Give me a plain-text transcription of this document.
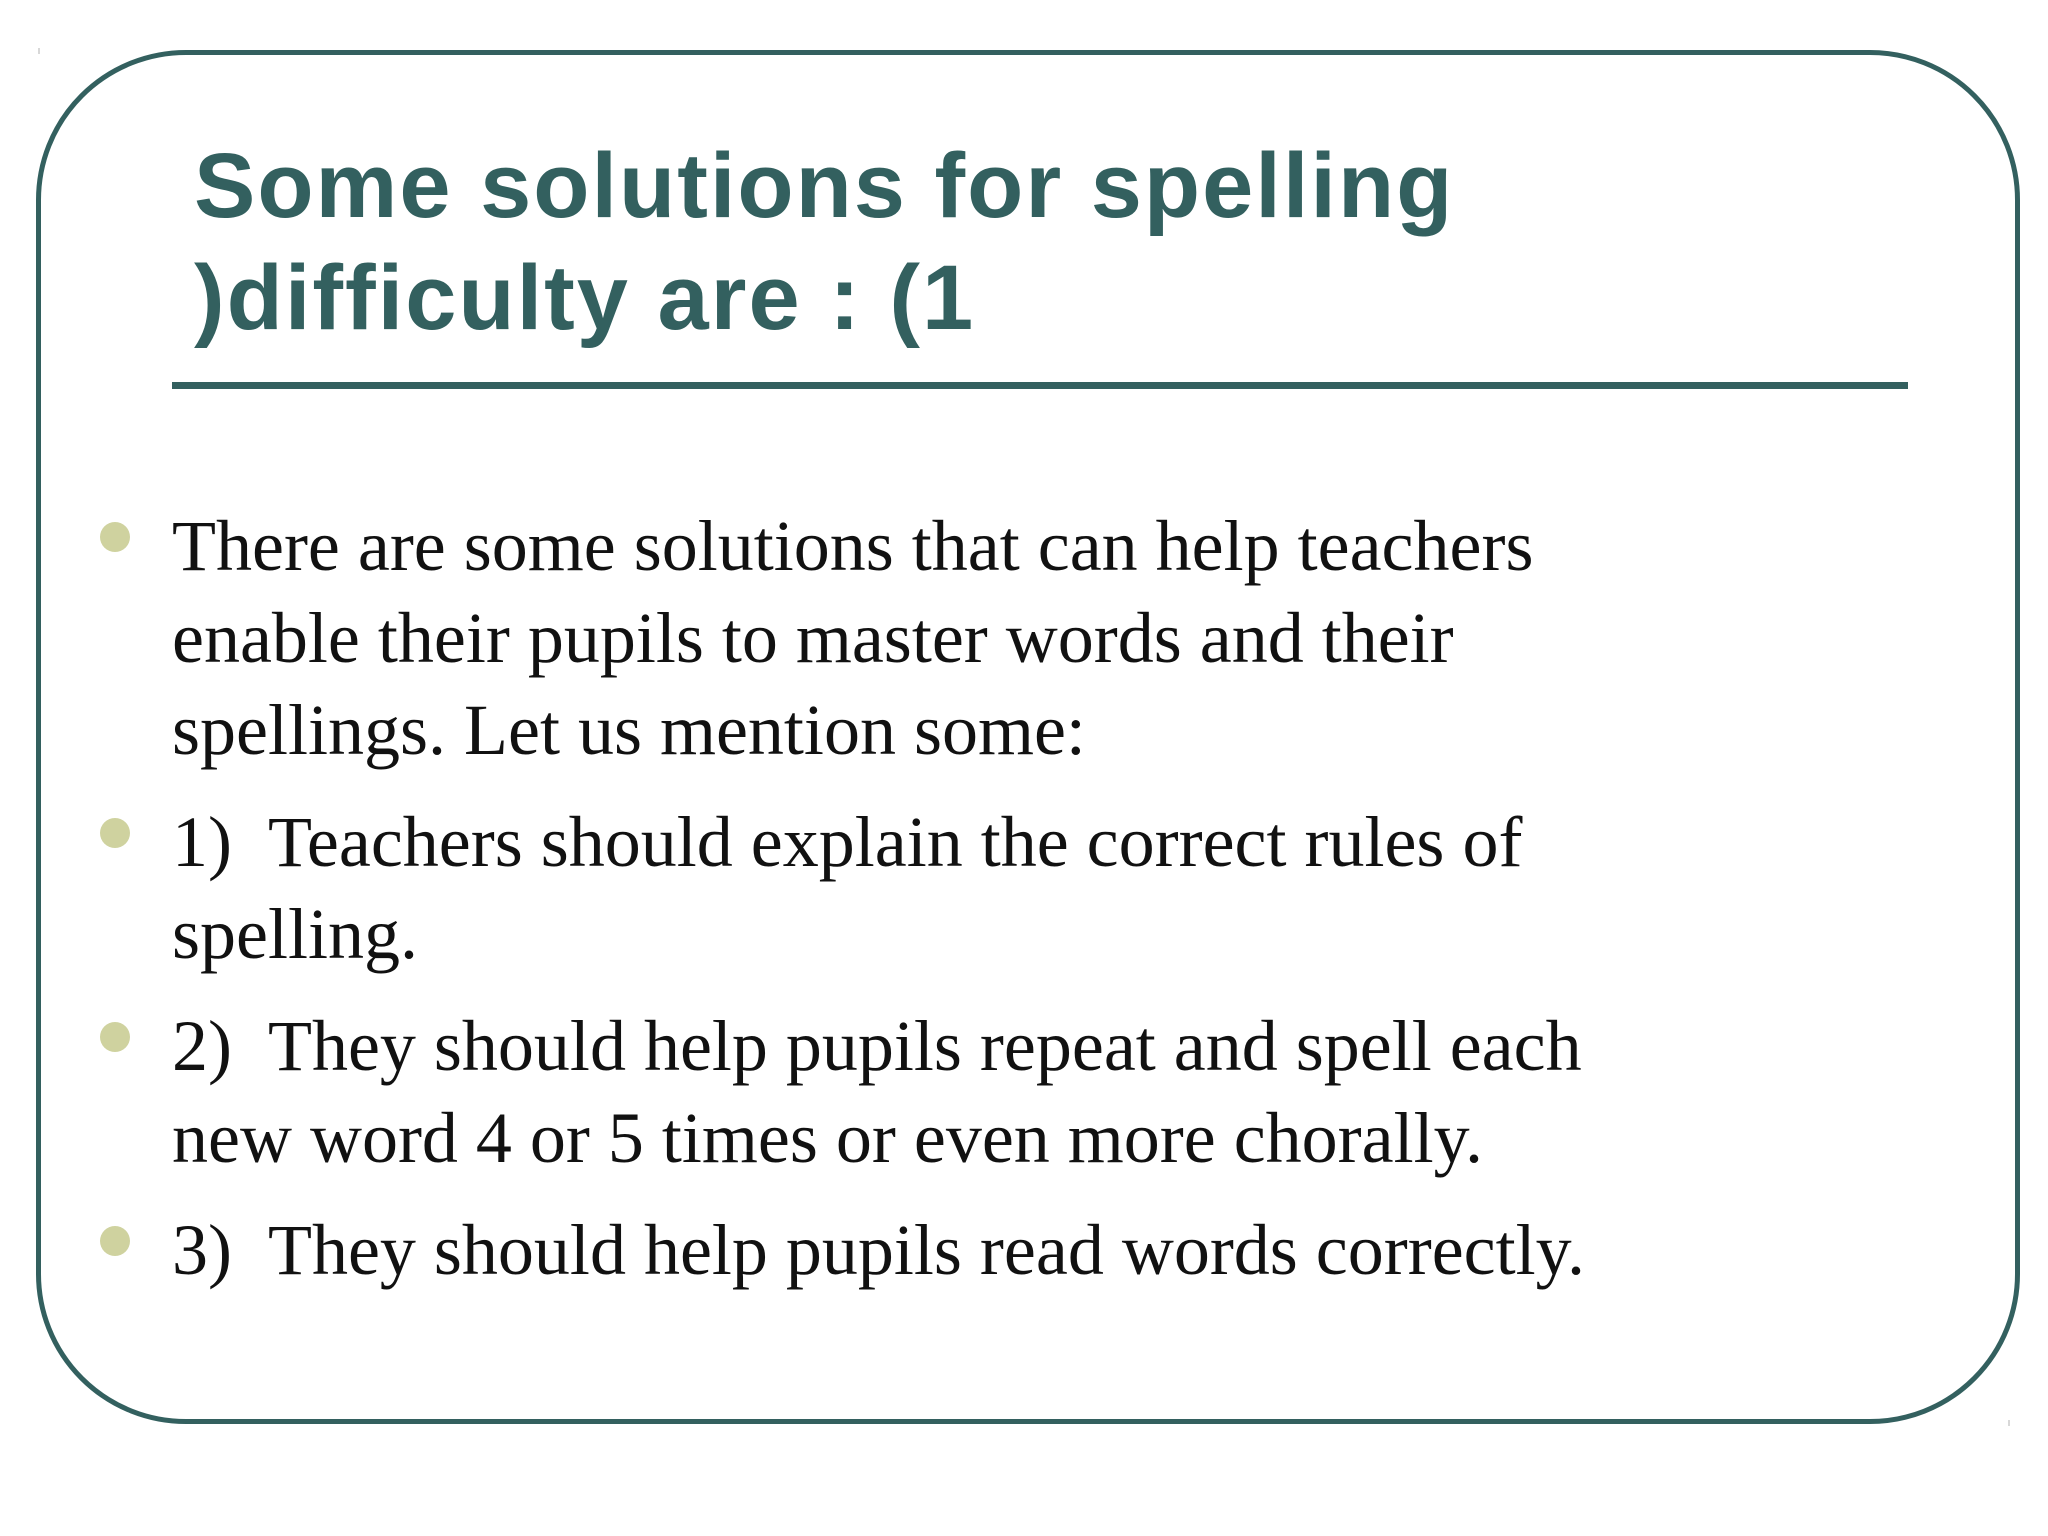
Some solutions for spelling
)difficulty are : (1
There are some solutions that can help teachers
enable their pupils to master words and their
spellings. Let us mention some:
1)  Teachers should explain the correct rules of
spelling.
2)  They should help pupils repeat and spell each
new word 4 or 5 times or even more chorally.
3)  They should help pupils read words correctly.
